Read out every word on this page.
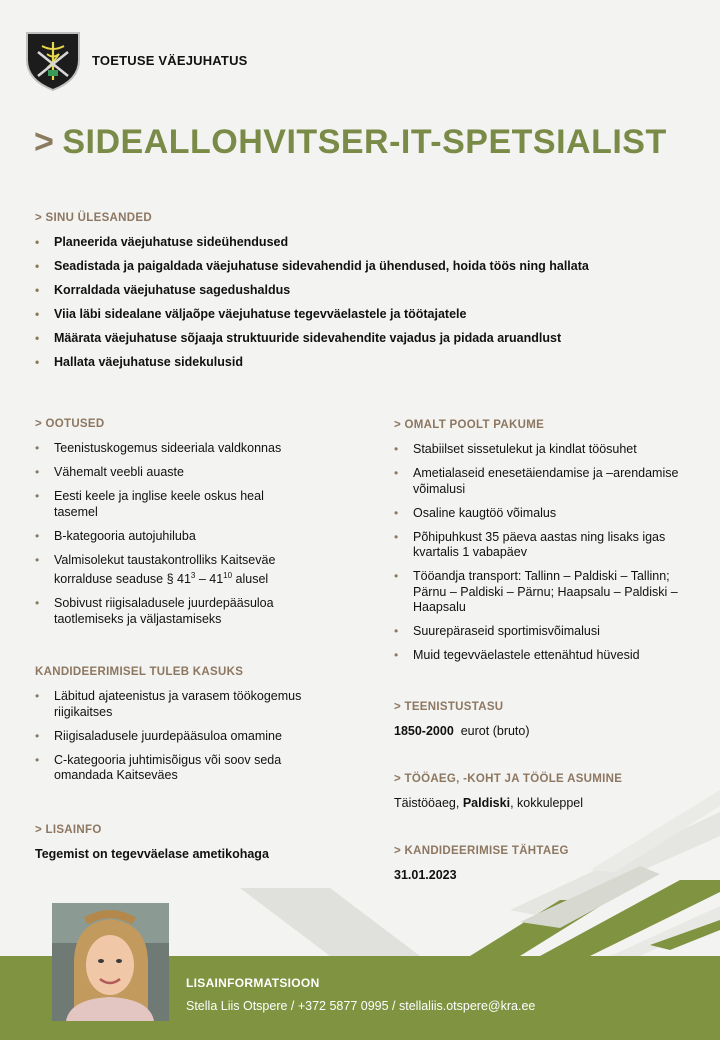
TOETUSE VÄEJUHATUS
> SIDEALLOHVITSER-IT-SPETSIALIST
> SINU ÜLESANDED
• Planeerida väejuhatuse sideühendused
• Seadistada ja paigaldada väejuhatuse sidevahendid ja ühendused, hoida töös ning hallata
• Korraldada väejuhatuse sagedushaldus
• Viia läbi sidealane väljaõpe väejuhatuse tegevväelastele ja töötajatele
• Määrata väejuhatuse sõjaaja struktuuride sidevahendite vajadus ja pidada aruandlust
• Hallata väejuhatuse sidekulusid
> OOTUSED
• Teenistuskogemus sideeriala valdkonnas
• Vähemalt veebli auaste
• Eesti keele ja inglise keele oskus heal tasemel
• B-kategooria autojuhiluba
• Valmisolekut taustakontrolliks Kaitseväe
korralduse seaduse § $41^3 - 41^{10}$ alusel
• Sobivust riigisaladusele juurdepääsuloa taotlemiseks ja väljastamiseks
KANDIDEERIMISEL TULEB KASUKS
• Läbitud ajateenistus ja varasem töökogemus riigikaitses
• Riigisaladusele juurdepääsuloa omamine
• C-kategooria juhtimisõigus või soov seda omandada Kaitseväes
> LISAINFO
Tegemist on tegevväelase ametikohaga
> OMALT POOLT PAKUME
• Stabiilset sissetulekut ja kindlat töösuhet
• Ametialaseid enesetäiendamise ja –arendamise võimalusi
• Osaline kaugtöö võimalus
• Põhipuhkust 35 päeva aastas ning lisaks igas kvartalis 1 vabapäev
• Tööandja transport: Tallinn – Paldiski – Tallinn; Pärnu – Paldiski – Pärnu; Haapsalu – Paldiski – Haapsalu
• Suurepäraseid sportimisvõimalusi
• Muid tegevväelastele ettenähtud hüvesid
> TEENISTUSTASU
1850-2000 eurot (bruto)
> TÖÖAEG, -KOHT JA TÖÖLE ASUMINE
Täistööaeg, Paldiski, kokkuleppel
> KANDIDEERIMISE TÄHTAEG
31.01.2023
LISAINFORMATSIOON
Stella Liis Otspere / +372 5877 0995 / stellaliis.otspere@kra.ee
